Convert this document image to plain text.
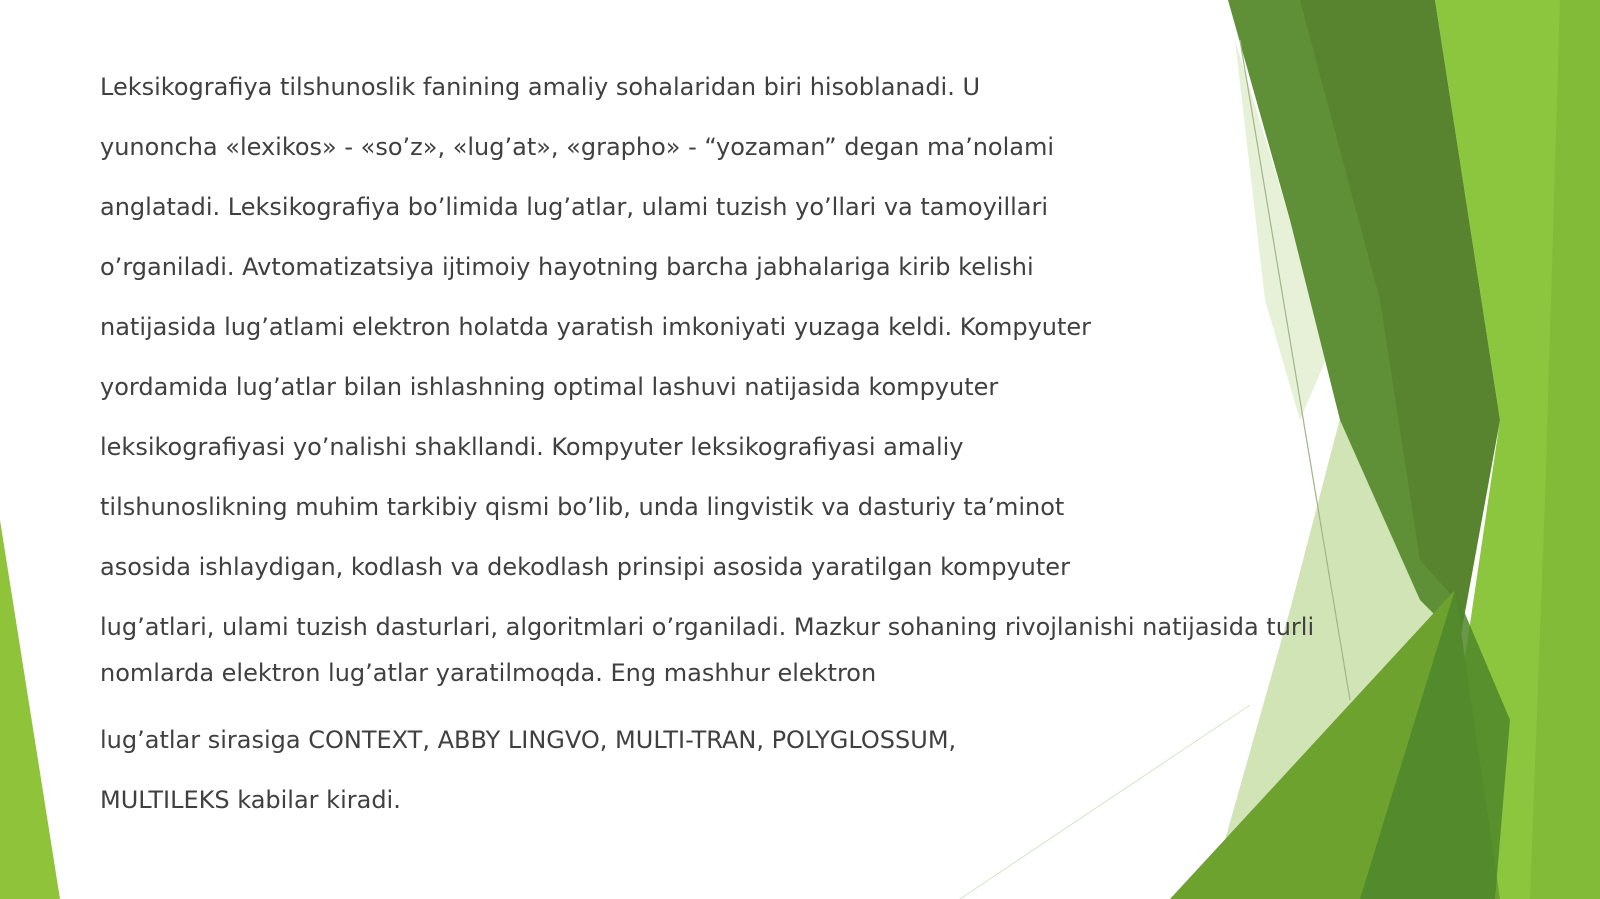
Leksikografiya tilshunoslik fanining amaliy sohalaridan biri hisoblanadi. U

yunoncha «lexikos» - «so’z», «lug’at», «grapho» - “yozaman” degan ma’nolami

anglatadi. Leksikografiya bo’limida lug’atlar, ulami tuzish yo’llari va tamoyillari

o’rganiladi. Avtomatizatsiya ijtimoiy hayotning barcha jabhalariga kirib kelishi

natijasida lug’atlami elektron holatda yaratish imkoniyati yuzaga keldi. Kompyuter

yordamida lug’atlar bilan ishlashning optimal lashuvi natijasida kompyuter

leksikografiyasi yo’nalishi shakllandi. Kompyuter leksikografiyasi amaliy

tilshunoslikning muhim tarkibiy qismi bo’lib, unda lingvistik va dasturiy ta’minot

asosida ishlaydigan, kodlash va dekodlash prinsipi asosida yaratilgan kompyuter

lug’atlari, ulami tuzish dasturlari, algoritmlari o’rganiladi. Mazkur sohaning rivojlanishi natijasida turli nomlarda elektron lug’atlar yaratilmoqda. Eng mashhur elektron

lug’atlar sirasiga CONTEXT, ABBY LINGVO, MULTI-TRAN, POLYGLOSSUM,

MULTILEKS kabilar kiradi.
